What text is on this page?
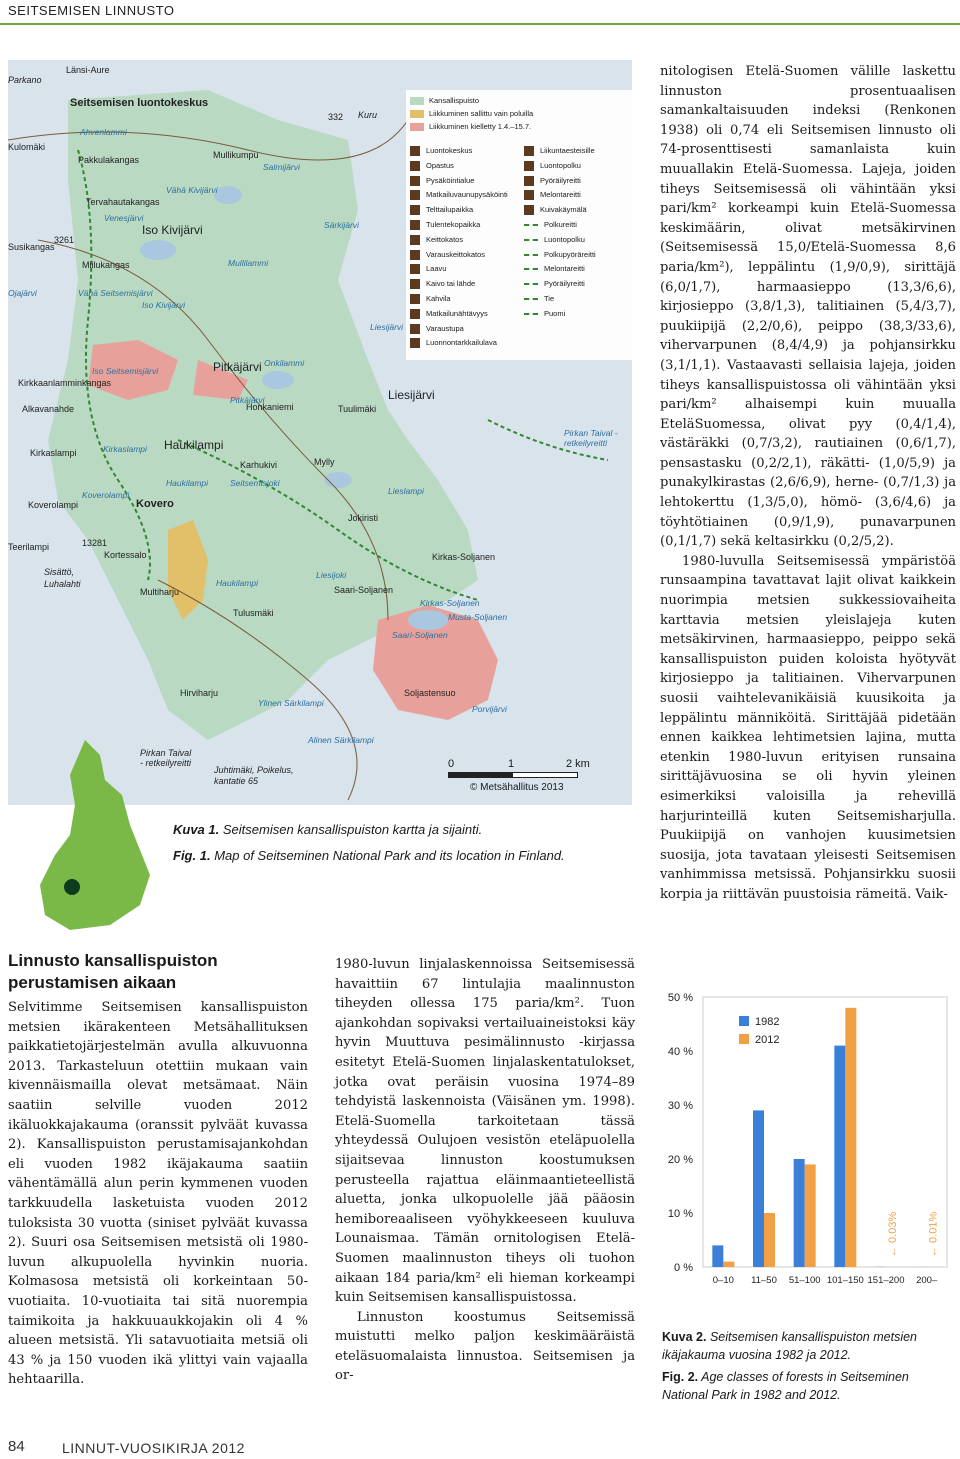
SEITSEMISEN LINNUSTO
Parkano
Länsi-Aure
Seitsemisen luontokeskus
Ahvenlammi
Kulomäki
Pakkulakangas
Tervahautakangas
Mullikumpu
Salmijärvi
Vähä Kivijärvi
Kuru
332
Venesjärvi
Iso Kivijärvi	Särkijärvi
Susikangas
3261
Miilukangas	Mullilammi
Ojajärvi	Vähä Seitsemisjärvi
Iso Kivijärvi
Liesijärvi
Iso Seitsemisjärvi	Pitkäjärvi Onkilammi
Kirkkaanlamminkangas
Liesijärvi
Alkavanahde
Pitkäjärvi
Honkaniemi	Tuulimäki
Pirkan Taival - retkeilyreitti
Haukilampi
Kirkaslampi	Kirkaslampi
Karhukivi	Mylly
Haukilampi	Seitsemisjoki
Lieslampi
Koverolampi
Koverolampi	Kovero
Jokiristi
Teerilampi
Kortessalo
13281
Kirkas-Soljanen
Sisättö,
Luhalahti
Liesijoki
Saari-Soljanen
Multiharju
Haukilampi
Kirkas-Soljanen
Tulusmäki	Musta-Soljanen
Saari-Soljanen
Soljastensuo
Hirviharju
Ylinen Särkilampi
Porvijärvi
Alinen Särkilampi
Pirkan Taival
- retkeilyreitti
Juhtimäki, Poikelus,
kantatie 65
Kansallispuisto
Liikkuminen sallittu vain poluilla
Liikkuminen kielletty 1.4.–15.7.
Luontokeskus
Opastus
Pysäköintialue
Matkailuvaunupysäköinti
Telttailupaikka
Tulentekopaikka
Keittokatos
Varauskeittokatos
Laavu
Kaivo tai lähde
Kahvila
Matkailunähtävyys
Varaustupa
Luonnontarkkailulava
Liikuntaesteisille
Luontopolku
Pyöräilyreitti
Melontareitti
Kuivakäymälä
Polkureitti
Luontopolku
Polkupyöräreitti
Melontareitti
Pyöräilyreitti
Tie
Puomi
0	1	2 km
© Metsähallitus 2013
Kuva 1. Seitsemisen kansallispuiston kartta ja sijainti.
Fig. 1. Map of Seitseminen National Park and its location in Finland.
Linnusto kansallispuiston perustamisen aikaan

Selvitimme Seitsemisen kansallispuiston metsien ikärakenteen Metsähallituksen paikkatietojärjestelmän avulla alkuvuonna 2013. Tarkasteluun otettiin mukaan vain kivennäismailla olevat metsämaat. Näin saatiin selville vuoden 2012 ikäluokkajakauma (oranssit pylväät kuvassa 2). Kansallispuiston perustamisajankohdan eli vuoden 1982 ikäjakauma saatiin vähentämällä alun perin kymmenen vuoden tarkkuudella lasketuista vuoden 2012 tuloksista 30 vuotta (siniset pylväät kuvassa 2). Suuri osa Seitsemisen metsistä oli 1980-luvun alkupuolella hyvinkin nuoria. Kolmasosa metsistä oli korkeintaan 50-vuotiaita. 10-vuotiaita tai sitä nuorempia taimikoita ja hakkuuaukkojakin oli 4 % alueen metsistä. Yli satavuotiaita metsiä oli 43 % ja 150 vuoden ikä ylittyi vain vajaalla hehtaarilla.

1980-luvun linjalaskennoissa Seitsemisessä havaittiin 67 lintulajia maalinnuston tiheyden ollessa 175 paria/km². Tuon ajankohdan sopivaksi vertailuaineistoksi käy hyvin Muuttuva pesimälinnusto -kirjassa esitetyt Etelä-Suomen linjalaskentatulokset, jotka ovat peräisin vuosina 1974–89 tehdyistä laskennoista (Väisänen ym. 1998). Etelä-Suomella tarkoitetaan tässä yhteydessä Oulujoen vesistön eteläpuolella sijaitsevaa linnuston koostumuksen perusteella rajattua eläinmaantieteellistä aluetta, jonka ulkopuolelle jää pääosin hemiboreaaliseen vyöhykkeeseen kuuluva Lounaismaa. Tämän ornitologisen Etelä-Suomen maalinnuston tiheys oli tuohon aikaan 184 paria/km² eli hieman korkeampi kuin Seitsemisen kansallispuistossa.

Linnuston koostumus Seitsemissä muistutti melko paljon keskimääräistä eteläsuomalaista linnustoa. Seitsemisen ja or-

nitologisen Etelä-Suomen välille laskettu linnuston prosentuaalisen samankaltaisuuden indeksi (Renkonen 1938) oli 0,74 eli Seitsemisen linnusto oli 74-prosenttisesti samanlaista kuin muuallakin Etelä-Suomessa. Lajeja, joiden tiheys Seitsemisessä oli vähintään yksi pari/km² korkeampi kuin Etelä-Suomessa keskimäärin, olivat metsäkirvinen (Seitsemisessä 15,0/Etelä-Suomessa 8,6 paria/km²), leppälintu (1,9/0,9), sirittäjä (6,0/1,7), harmaasieppo (13,3/6,6), kirjosieppo (3,8/1,3), talitiainen (5,4/3,7), puukiipijä (2,2/0,6), peippo (38,3/33,6), vihervarpunen (8,4/4,9) ja pohjansirkku (3,1/1,1). Vastaavasti sellaisia lajeja, joiden tiheys kansallispuistossa oli vähintään yksi pari/km² alhaisempi kuin muualla EteläSuomessa, olivat pyy (0,4/1,4), västäräkki (0,7/3,2), rautiainen (0,6/1,7), pensastasku (0,2/2,1), räkätti- (1,0/5,9) ja punakylkirastas (2,6/6,9), herne- (0,7/1,3) ja lehtokerttu (1,3/5,0), hömö- (3,6/4,6) ja töyhtötiainen (0,9/1,9), punavarpunen (0,1/1,7) sekä keltasirkku (0,2/5,2).

1980-luvulla Seitsemisessä ympäristöä runsaampina tavattavat lajit olivat kaikkein nuorimpia metsien sukkessiovaiheita karttavia metsien yleislajeja kuten metsäkirvinen, harmaasieppo, peippo sekä kansallispuiston puiden koloista hyötyvät kirjosieppo ja talitiainen. Vihervarpunen suosii vaihtelevanikäisiä kuusikoita ja leppälintu männiköitä. Sirittäjää pidetään ennen kaikkea lehtimetsien lajina, mutta etenkin 1980-luvun erityisen runsaina sirittäjävuosina se oli hyvin yleinen esimerkiksi valoisilla ja rehevillä harjurinteillä kuten Seitsemisharjulla. Puukiipijä on vanhojen kuusimetsien suosija, jota tavataan yleisesti Seitsemisen vanhimmissa metsissä. Pohjansirkku suosii korpia ja riittävän puustoisia rämeitä. Vaik-

0 %
10 %
20 %
30 %
40 %
50 %
0–10 11–50 51–100 101–150 151–200 200–
1982
2012
← 0.03%	← 0.01%
Kuva 2. Seitsemisen kansallispuiston metsien ikäjakauma vuosina 1982 ja 2012.
Fig. 2. Age classes of forests in Seitseminen National Park in 1982 and 2012.
84	LINNUT-VUOSIKIRJA 2012
